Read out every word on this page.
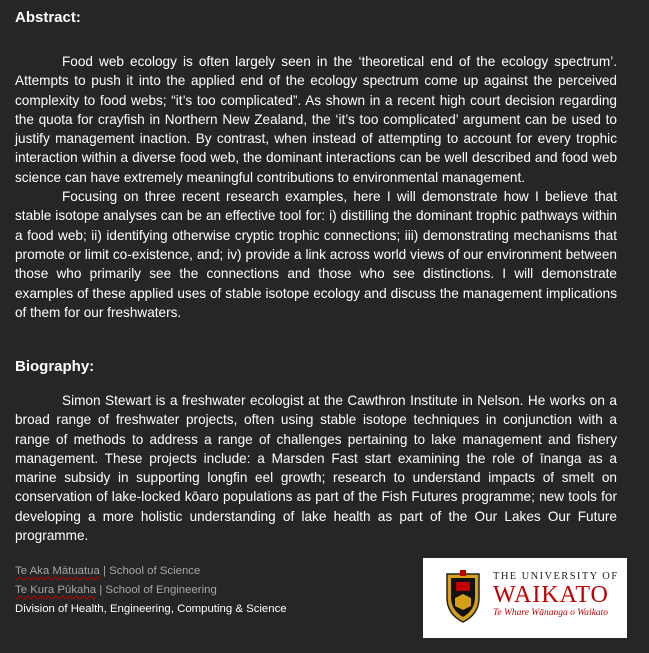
Abstract:

Food web ecology is often largely seen in the ‘theoretical end of the ecology spectrum’. Attempts to push it into the applied end of the ecology spectrum come up against the perceived complexity to food webs; “it’s too complicated”. As shown in a recent high court decision regarding the quota for crayfish in Northern New Zealand, the ‘it’s too complicated’ argument can be used to justify management inaction. By contrast, when instead of attempting to account for every trophic interaction within a diverse food web, the dominant interactions can be well described and food web science can have extremely meaningful contributions to environmental management.

Focusing on three recent research examples, here I will demonstrate how I believe that stable isotope analyses can be an effective tool for: i) distilling the dominant trophic pathways within a food web; ii) identifying otherwise cryptic trophic connections; iii) demonstrating mechanisms that promote or limit co-existence, and; iv) provide a link across world views of our environment between those who primarily see the connections and those who see distinctions. I will demonstrate examples of these applied uses of stable isotope ecology and discuss the management implications of them for our freshwaters.

Biography:

Simon Stewart is a freshwater ecologist at the Cawthron Institute in Nelson. He works on a broad range of freshwater projects, often using stable isotope techniques in conjunction with a range of methods to address a range of challenges pertaining to lake management and fishery management. These projects include: a Marsden Fast start examining the role of īnanga as a marine subsidy in supporting longfin eel growth; research to understand impacts of smelt on conservation of lake-locked kōaro populations as part of the Fish Futures programme; new tools for developing a more holistic understanding of lake health as part of the Our Lakes Our Future programme.

Te Aka Mātuatua | School of Science
Te Kura Pūkaha | School of Engineering
Division of Health, Engineering, Computing & Science
THE UNIVERSITY OF
WAIKATO
Te Whare Wānanga o Waikato
